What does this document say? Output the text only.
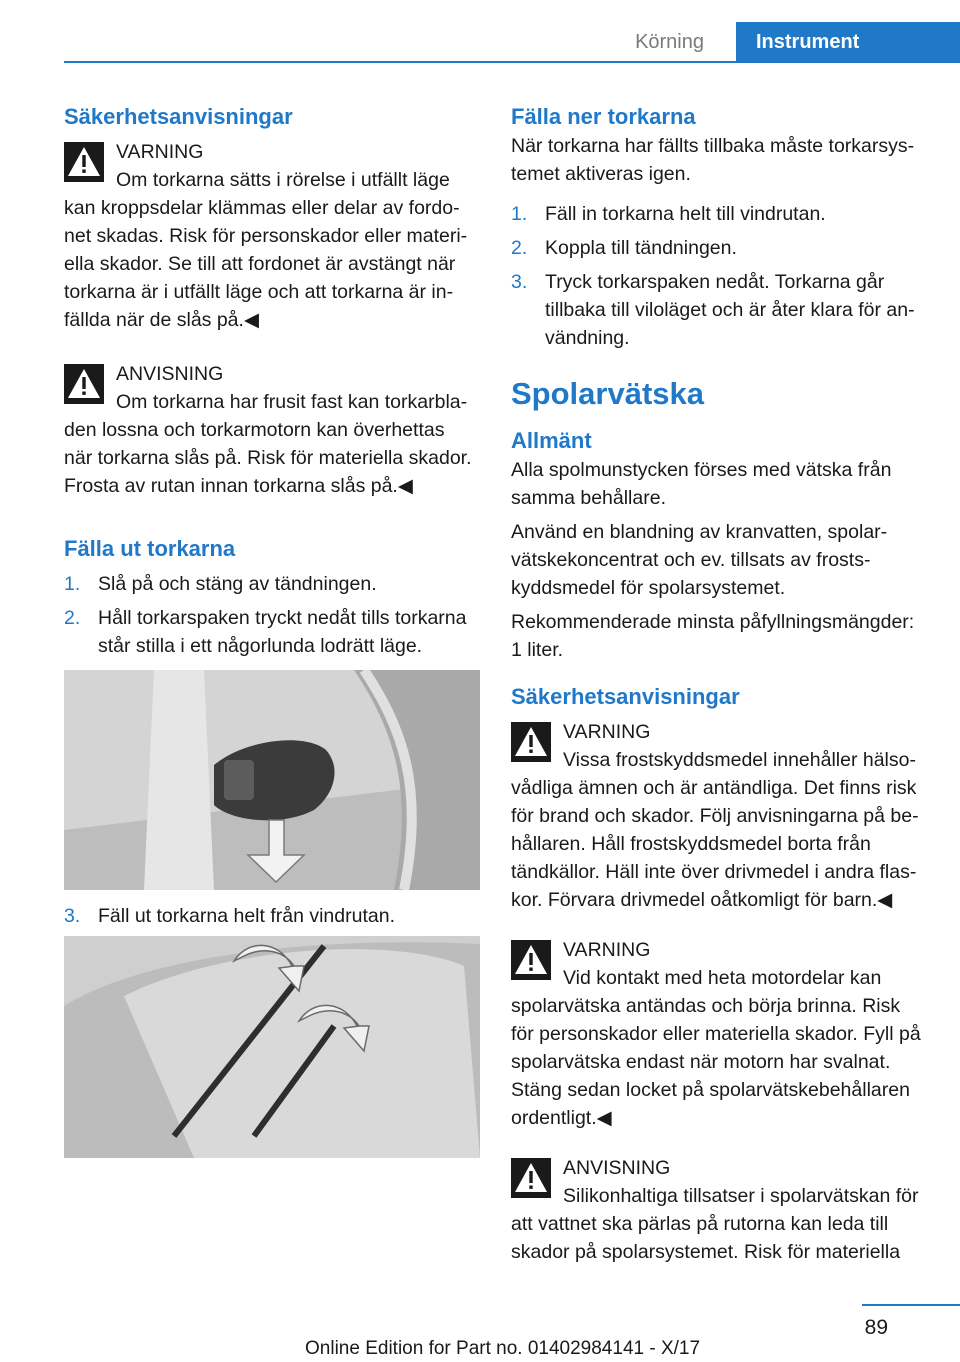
Körning	Instrument
Säkerhetsanvisningar
VARNING
Om torkarna sätts i rörelse i utfällt läge kan kroppsdelar klämmas eller delar av fordonet skadas. Risk för personskador eller materiella skador. Se till att fordonet är avstängt när torkarna är i utfällt läge och att torkarna är infällda när de slås på.◀
ANVISNING
Om torkarna har frusit fast kan torkarbladen lossna och torkarmotorn kan överhettas när torkarna slås på. Risk för materiella skador. Frosta av rutan innan torkarna slås på.◀
Fälla ut torkarna
1. Slå på och stäng av tändningen.
2. Håll torkarspaken tryckt nedåt tills torkarna står stilla i ett någorlunda lodrätt läge.
3. Fäll ut torkarna helt från vindrutan.
Fälla ner torkarna

När torkarna har fällts tillbaka måste torkarsystemet aktiveras igen.

1. Fäll in torkarna helt till vindrutan.
2. Koppla till tändningen.
3. Tryck torkarspaken nedåt. Torkarna går tillbaka till viloläget och är åter klara för användning.
Spolarvätska
Allmänt

Alla spolmunstycken förses med vätska från samma behållare.

Använd en blandning av kranvatten, spolarvätskekoncentrat och ev. tillsats av frostskyddsmedel för spolarsystemet.

Rekommenderade minsta påfyllningsmängder: 1 liter.

Säkerhetsanvisningar
VARNING
Vissa frostskyddsmedel innehåller hälsovådliga ämnen och är antändliga. Det finns risk för brand och skador. Följ anvisningarna på behållaren. Håll frostskyddsmedel borta från tändkällor. Häll inte över drivmedel i andra flaskor. Förvara drivmedel oåtkomligt för barn.◀
VARNING
Vid kontakt med heta motordelar kan spolarvätska antändas och börja brinna. Risk för personskador eller materiella skador. Fyll på spolarvätska endast när motorn har svalnat. Stäng sedan locket på spolarvätskebehållaren ordentligt.◀
ANVISNING
Silikonhaltiga tillsatser i spolarvätskan för att vattnet ska pärlas på rutorna kan leda till skador på spolarsystemet. Risk för materiella
89
Online Edition for Part no. 01402984141 - X/17
